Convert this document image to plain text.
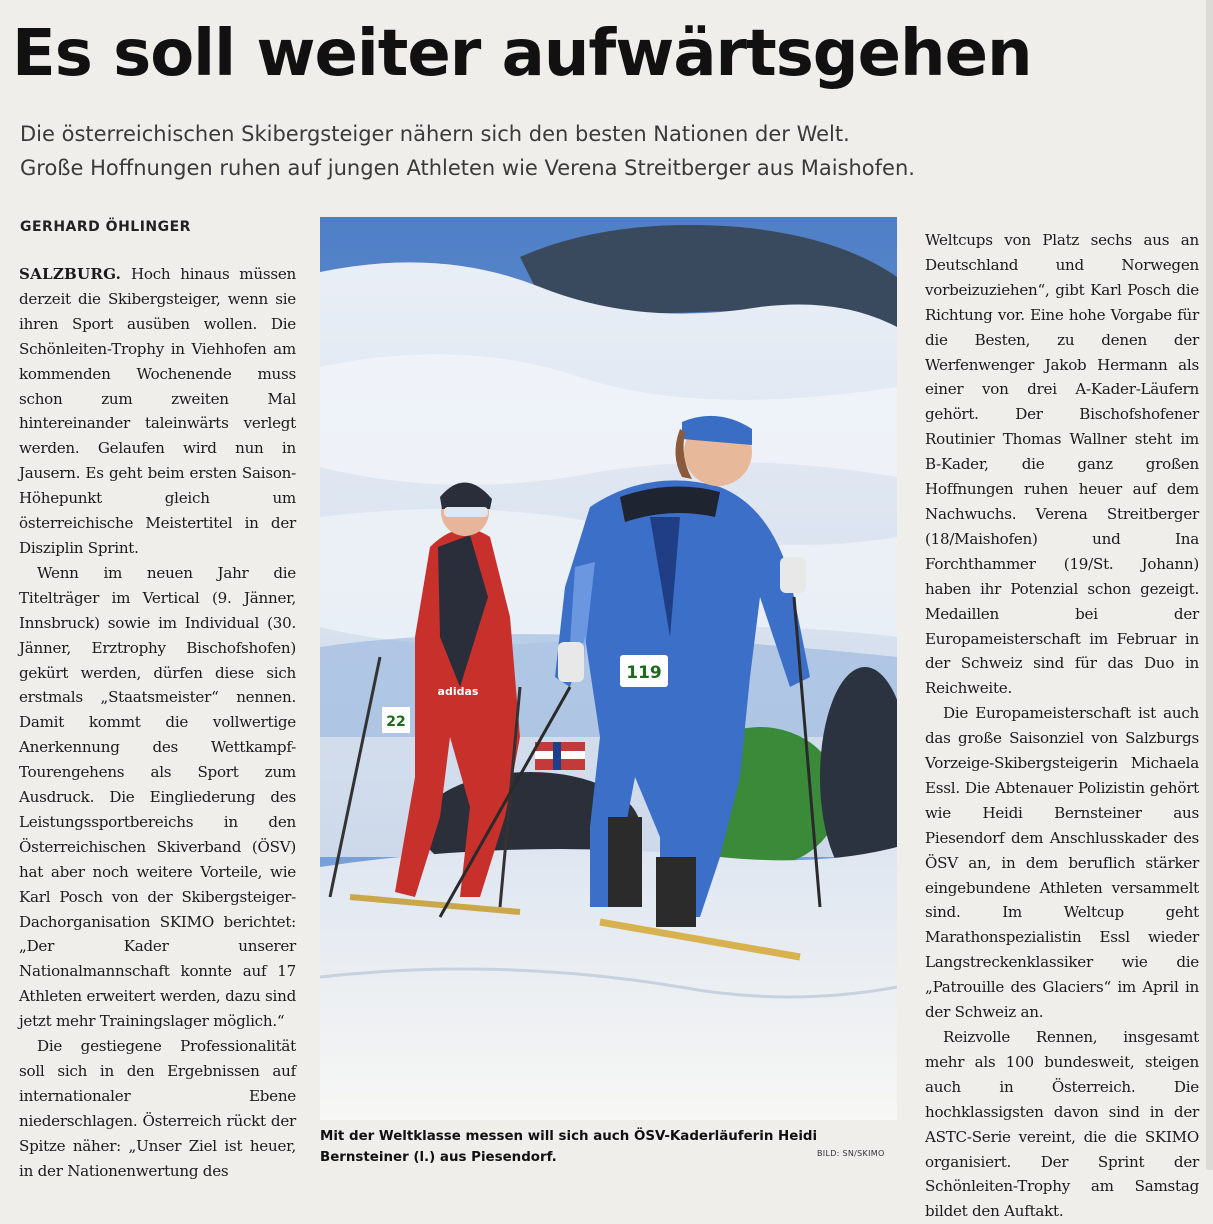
Es soll weiter aufwärtsgehen
Die österreichischen Skibergsteiger nähern sich den besten Nationen der Welt.
Große Hoffnungen ruhen auf jungen Athleten wie Verena Streitberger aus Maishofen.
GERHARD ÖHLINGER

SALZBURG. Hoch hinaus müssen derzeit die Skibergsteiger, wenn sie ihren Sport ausüben wollen. Die Schönleiten-Trophy in Viehhofen am kommenden Wochenende muss schon zum zweiten Mal hintereinander taleinwärts verlegt werden. Gelaufen wird nun in Jausern. Es geht beim ersten Saison-Höhepunkt gleich um österreichische Meistertitel in der Disziplin Sprint.

Wenn im neuen Jahr die Titelträger im Vertical (9. Jänner, Innsbruck) sowie im Individual (30. Jänner, Erztrophy Bischofshofen) gekürt werden, dürfen diese sich erstmals „Staatsmeister“ nennen. Damit kommt die vollwertige Anerkennung des Wettkampf-Tourengehens als Sport zum Ausdruck. Die Eingliederung des Leistungssportbereichs in den Österreichischen Skiverband (ÖSV) hat aber noch weitere Vorteile, wie Karl Posch von der Skibergsteiger-Dachorganisation SKIMO berichtet: „Der Kader unserer Nationalmannschaft konnte auf 17 Athleten erweitert werden, dazu sind jetzt mehr Trainingslager möglich.“

Die gestiegene Professionalität soll sich in den Ergebnissen auf internationaler Ebene niederschlagen. Österreich rückt der Spitze näher: „Unser Ziel ist heuer, in der Nationenwertung des

22
adidas
119
Mit der Weltklasse messen will sich auch ÖSV-Kaderläuferin Heidi
Bernsteiner (l.) aus Piesendorf.	BILD: SN/SKIMO

Weltcups von Platz sechs aus an Deutschland und Norwegen vorbeizuziehen“, gibt Karl Posch die Richtung vor. Eine hohe Vorgabe für die Besten, zu denen der Werfenwenger Jakob Hermann als einer von drei A-Kader-Läufern gehört. Der Bischofshofener Routinier Thomas Wallner steht im B-Kader, die ganz großen Hoffnungen ruhen heuer auf dem Nachwuchs. Verena Streitberger (18/Maishofen) und Ina Forchthammer (19/St. Johann) haben ihr Potenzial schon gezeigt. Medaillen bei der Europameisterschaft im Februar in der Schweiz sind für das Duo in Reichweite.

Die Europameisterschaft ist auch das große Saisonziel von Salzburgs Vorzeige-Skibergsteigerin Michaela Essl. Die Abtenauer Polizistin gehört wie Heidi Bernsteiner aus Piesendorf dem Anschlusskader des ÖSV an, in dem beruflich stärker eingebundene Athleten versammelt sind. Im Weltcup geht Marathonspezialistin Essl wieder Langstreckenklassiker wie die „Patrouille des Glaciers“ im April in der Schweiz an.

Reizvolle Rennen, insgesamt mehr als 100 bundesweit, steigen auch in Österreich. Die hochklassigsten davon sind in der ASTC-Serie vereint, die die SKIMO organisiert. Der Sprint der Schönleiten-Trophy am Samstag bildet den Auftakt.
